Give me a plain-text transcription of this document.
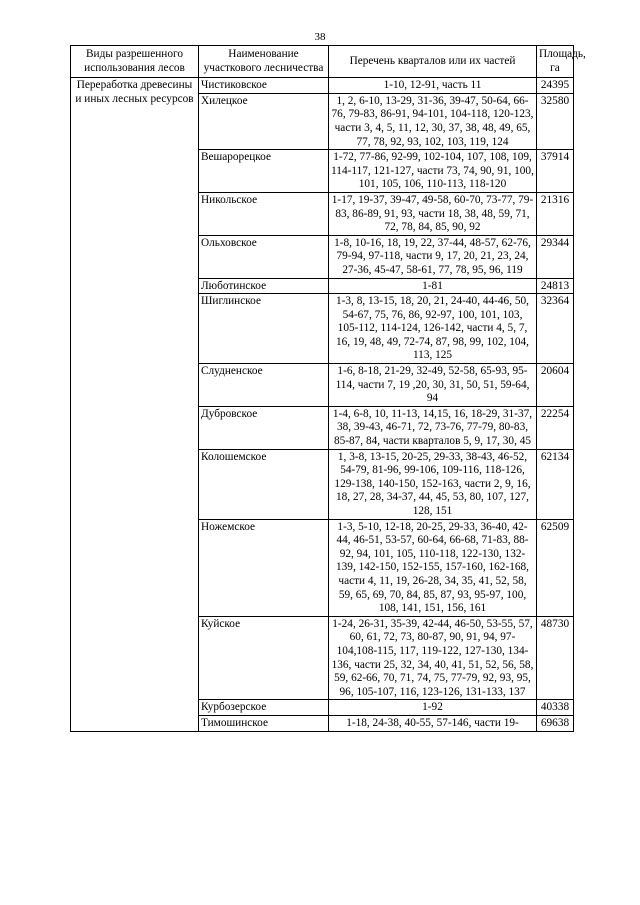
38
Виды разрешенного использования лесов	Наименование участкового лесничества	Перечень кварталов или их частей	Площадь, га
Переработка древесины и иных лесных ресурсов	Чистиковское	1-10, 12-91, часть 11	24395
	Хилецкое	1, 2, 6-10, 13-29, 31-36, 39-47, 50-64, 66-76, 79-83, 86-91, 94-101, 104-118, 120-123, части 3, 4, 5, 11, 12, 30, 37, 38, 48, 49, 65, 77, 78, 92, 93, 102, 103, 119, 124	32580
	Вешарорецкое	1-72, 77-86, 92-99, 102-104, 107, 108, 109, 114-117, 121-127, части 73, 74, 90, 91, 100, 101, 105, 106, 110-113, 118-120	37914
	Никольское	1-17, 19-37, 39-47, 49-58, 60-70, 73-77, 79-83, 86-89, 91, 93, части 18, 38, 48, 59, 71, 72, 78, 84, 85, 90, 92	21316
	Ольховское	1-8, 10-16, 18, 19, 22, 37-44, 48-57, 62-76, 79-94, 97-118, части 9, 17, 20, 21, 23, 24, 27-36, 45-47, 58-61, 77, 78, 95, 96, 119	29344
	Люботинское	1-81	24813
	Шиглинское	1-3, 8, 13-15, 18, 20, 21, 24-40, 44-46, 50, 54-67, 75, 76, 86, 92-97, 100, 101, 103, 105-112, 114-124, 126-142, части 4, 5, 7, 16, 19, 48, 49, 72-74, 87, 98, 99, 102, 104, 113, 125	32364
	Слудненское	1-6, 8-18, 21-29, 32-49, 52-58, 65-93, 95-114, части 7, 19 ,20, 30, 31, 50, 51, 59-64, 94	20604
	Дубровское	1-4, 6-8, 10, 11-13, 14,15, 16, 18-29, 31-37, 38, 39-43, 46-71, 72, 73-76, 77-79, 80-83, 85-87, 84, части кварталов 5, 9, 17, 30, 45	22254
	Колошемское	1, 3-8, 13-15, 20-25, 29-33, 38-43, 46-52, 54-79, 81-96, 99-106, 109-116, 118-126, 129-138, 140-150, 152-163, части 2, 9, 16, 18, 27, 28, 34-37, 44, 45, 53, 80, 107, 127, 128, 151	62134
	Ножемское	1-3, 5-10, 12-18, 20-25, 29-33, 36-40, 42-44, 46-51, 53-57, 60-64, 66-68, 71-83, 88-92, 94, 101, 105, 110-118, 122-130, 132-139, 142-150, 152-155, 157-160, 162-168, части 4, 11, 19, 26-28, 34, 35, 41, 52, 58, 59, 65, 69, 70, 84, 85, 87, 93, 95-97, 100, 108, 141, 151, 156, 161	62509
	Куйское	1-24, 26-31, 35-39, 42-44, 46-50, 53-55, 57, 60, 61, 72, 73, 80-87, 90, 91, 94, 97-104,108-115, 117, 119-122, 127-130, 134-136, части 25, 32, 34, 40, 41, 51, 52, 56, 58, 59, 62-66, 70, 71, 74, 75, 77-79, 92, 93, 95, 96, 105-107, 116, 123-126, 131-133, 137	48730
	Курбозерское	1-92	40338
	Тимошинское	1-18, 24-38, 40-55, 57-146, части 19-	69638
